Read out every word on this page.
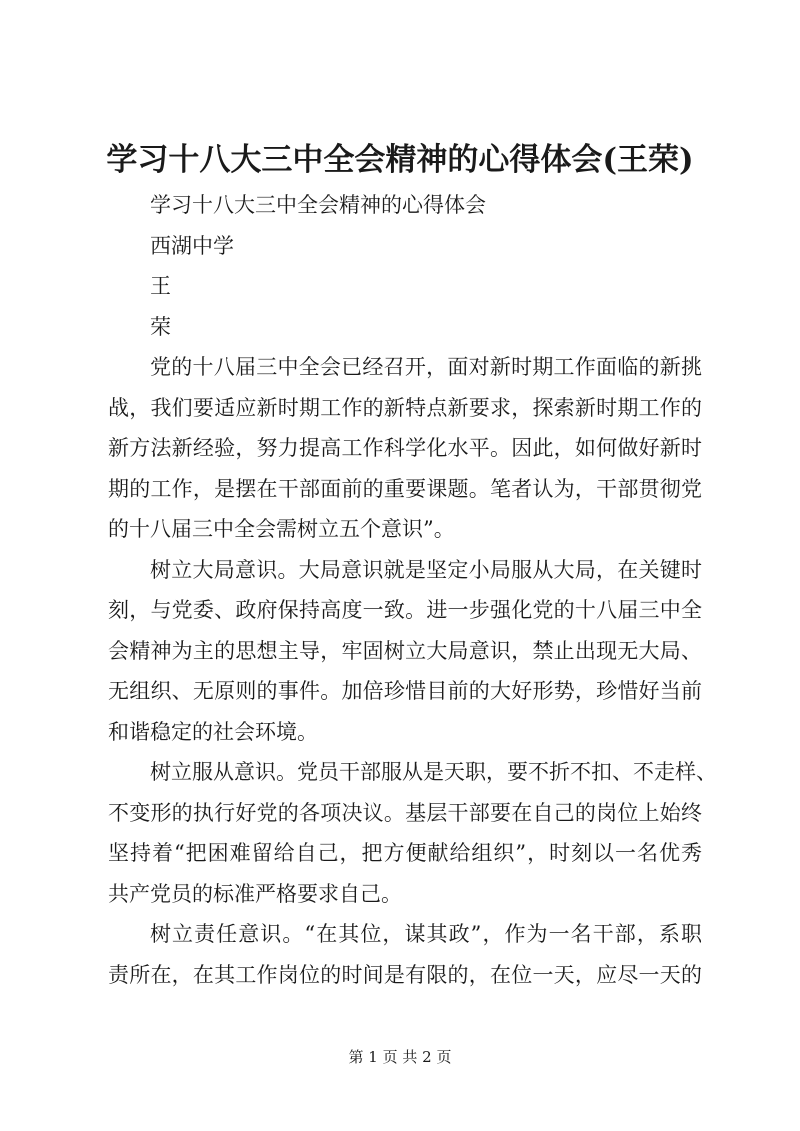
学习十八大三中全会精神的心得体会(王荣)
学习十八大三中全会精神的心得体会
西湖中学
王
荣
党的十八届三中全会已经召开，面对新时期工作面临的新挑
战，我们要适应新时期工作的新特点新要求，探索新时期工作的
新方法新经验，努力提高工作科学化水平。因此，如何做好新时
期的工作，是摆在干部面前的重要课题。笔者认为，干部贯彻党
的十八届三中全会需树立五个意识”。
树立大局意识。大局意识就是坚定小局服从大局，在关键时
刻，与党委、政府保持高度一致。进一步强化党的十八届三中全
会精神为主的思想主导，牢固树立大局意识，禁止出现无大局、
无组织、无原则的事件。加倍珍惜目前的大好形势，珍惜好当前
和谐稳定的社会环境。
树立服从意识。党员干部服从是天职，要不折不扣、不走样、
不变形的执行好党的各项决议。基层干部要在自己的岗位上始终
坚持着“把困难留给自己，把方便献给组织”，时刻以一名优秀
共产党员的标准严格要求自己。
树立责任意识。“在其位，谋其政”，作为一名干部，系职
责所在，在其工作岗位的时间是有限的，在位一天，应尽一天的
第 1 页 共 2 页
